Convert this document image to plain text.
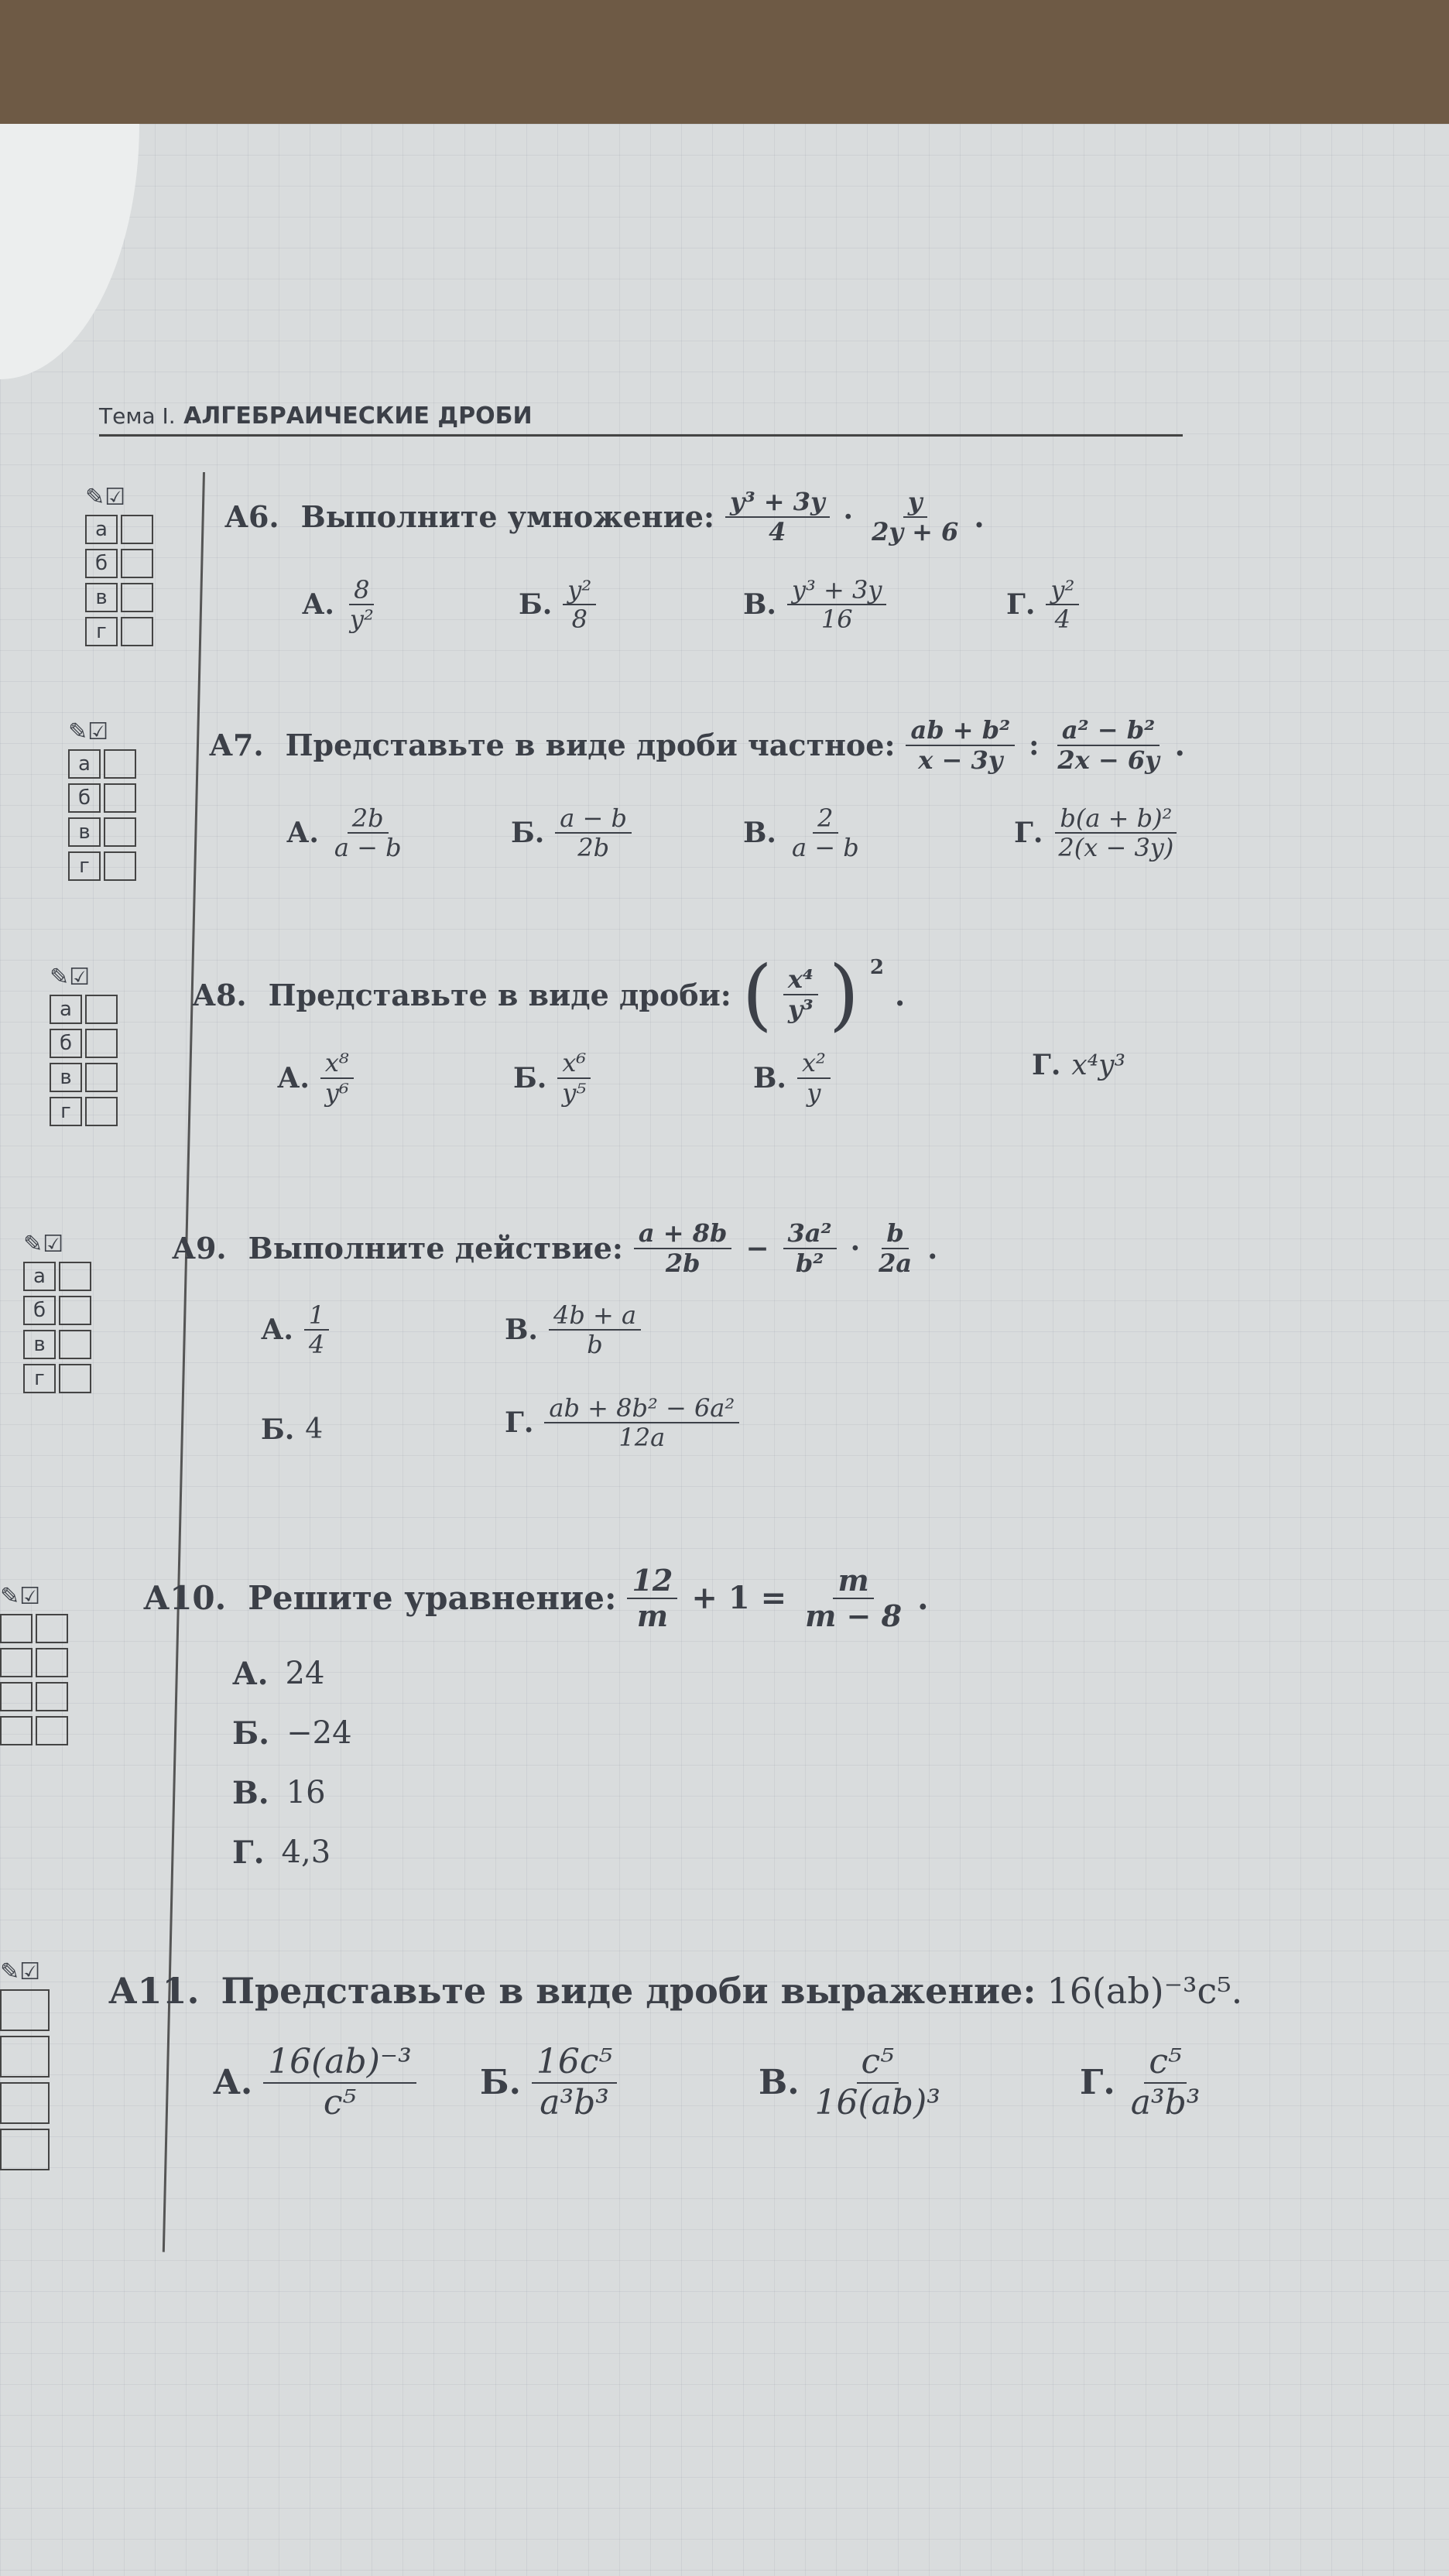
Тема I. АЛГЕБРАИЧЕСКИЕ ДРОБИ
✎☑
а
б
в
г
✎☑
а
б
в
г
✎☑
а
б
в
г
✎☑
а
б
в
г
✎☑
✎☑
А6. Выполните умножение: $\frac{\text{y³ + 3y}}{4} \cdot \frac{y}{2y + 6}$ .
А. $\frac{8}{\text{y²}}$	Б. $\frac{\text{y²}}{8}$	В. $\frac{\text{y³ + 3y}}{16}$	Г. $\frac{\text{y²}}{4}$
А7. Представьте в виде дроби частное: $\frac{\text{ab + b²}}{x - 3y}$ : $\frac{\text{a² − b²}}{2x - 6y}$ .
А. $\frac{2b}{a - b}$	Б. $\frac{a - b}{2b}$	В. $\frac{2}{a - b}$	Г. $\frac{\text{b(a + b)²}}{2(x - 3y)}$
А8. Представьте в виде дроби: ( $\frac{\text{x⁴}}{\text{y³}}$ ) $^2$
.
А. $\frac{\text{x⁸}}{\text{y⁶}}$	Б. $\frac{\text{x⁶}}{\text{y⁵}}$	В. $\frac{\text{x²}}{y}$	Г. x⁴y³
А9. Выполните действие: $\frac{a + 8b}{2b} - \frac{\text{3a²}}{\text{b²}} \cdot \frac{b}{2a}$ .
А. $\frac{1}{4}$	В. $\frac{4b + a}{b}$
Б. 4	Г. $\frac{\text{ab + 8b² − 6a²}}{12a}$
А10. Решите уравнение: $\frac{12}{m} + 1 = \frac{m}{m - 8}$ .
А. 24
Б. −24
В. 16
Г. 4,3
А11. Представьте в виде дроби выражение: 16(ab)⁻³c⁵.
А. $\frac{\text{16(ab)⁻³}}{\text{c⁵}} Б$. $\frac{\text{16c⁵}}{\text{a³b³}}$	В. $\frac{\text{c⁵}}{\text{16(ab)³}}$	Г. $\frac{\text{c⁵}}{\text{a³b³}}$
